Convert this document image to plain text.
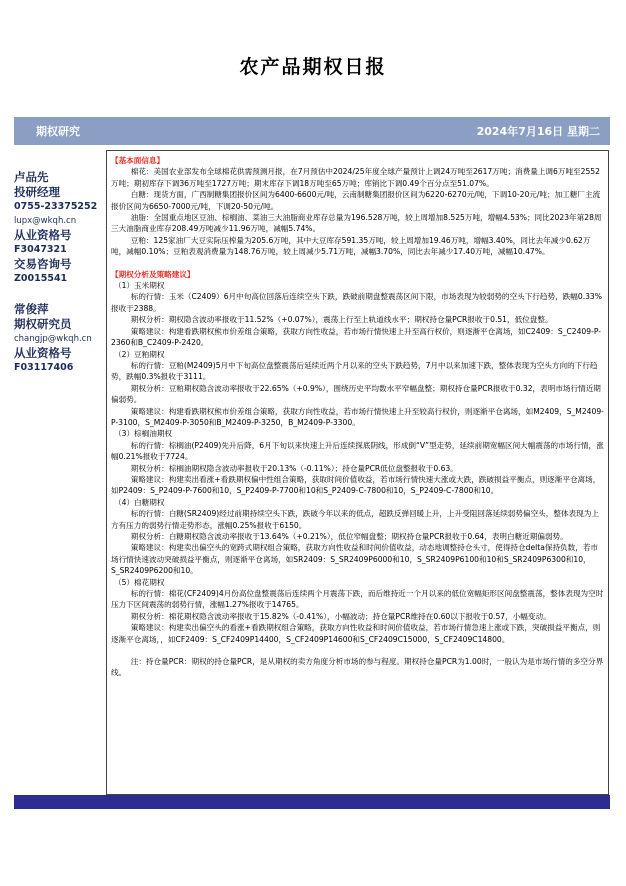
农产品期权日报
期权研究	2024年7月16日 星期二
卢品先
投研经理
0755-23375252
lupx@wkqh.cn
从业资格号
F3047321
交易咨询号
Z0015541
常俊萍
期权研究员
changjp@wkqh.cn
从业资格号
F03117406

【基本面信息】

棉花：美国农业部发布全球棉花供需预测月报，在7月预估中2024/25年度全球产量预计上调24万吨至2617万吨；消费量上调6万吨至2552万吨；期初库存下调36万吨至1727万吨；期末库存下调18万吨至65万吨；库销比下调0.49个百分点至51.07%。

白糖：现货方面，广西制糖集团报价区间为6400-6600元/吨，云南制糖集团报价区间为6220-6270元/吨，下调10-20元/吨；加工糖厂主流报价区间为6650-7000元/吨，下调20-50元/吨。

油脂：全国重点地区豆油、棕榈油、菜油三大油脂商业库存总量为196.528万吨，较上周增加8.525万吨，增幅4.53%；同比2023年第28周三大油脂商业库存208.49万吨减少11.96万吨，减幅5.74%。

豆粕：125家油厂大豆实际压榨量为205.6万吨，其中大豆库存591.35万吨，较上周增加19.46万吨，增幅3.40%，同比去年减少0.62万吨，减幅0.10%；豆粕表观消费量为148.76万吨，较上周减少5.71万吨，减幅3.70%，同比去年减少17.40万吨，减幅10.47%。

【期权分析及策略建议】

（1）玉米期权

标的行情：玉米（C2409）6月中旬高位回落后连续空头下跌，跌破前期盘整震荡区间下限，市场表现为较弱势的空头下行趋势，跌幅0.33%报收于2388。

期权分析：期权隐含波动率报收于11.52%（+0.07%），震荡上行至上轨道线水平；期权持仓量PCR报收于0.51，低位盘整。

策略建议：构建看跌期权熊市价差组合策略，获取方向性收益，若市场行情快速上升至高行权价，则逐渐平仓离场，如C2409：S_C2409-P-2360和B_C2409-P-2420。

（2）豆粕期权

标的行情：豆粕(M2409)5月中下旬高位盘整震荡后延续近两个月以来的空头下跌趋势，7月中以来加速下跌，整体表现为空头方向的下行趋势，跌幅0.3%报收于3111。

期权分析：豆粕期权隐含波动率报收于22.65%（+0.9%），围绕历史平均数水平窄幅盘整；期权持仓量PCR报收于0.32，表明市场行情近期偏弱势。

策略建议：构建看跌期权熊市价差组合策略，获取方向性收益，若市场行情快速上升至较高行权价，则逐渐平仓离场，如M2409，S_M2409-P-3100，S_M2409-P-3050和B_M2409-P-3250，B_M2409-P-3300。

（3）棕榈油期权

标的行情：棕榈油(P2409)先升后降，6月下旬以来快速上升后连续探底阴线，形成倒“V”型走势，延续前期宽幅区间大幅震荡的市场行情，涨幅0.21%报收于7724。

期权分析：棕榈油期权隐含波动率报收于20.13%（-0.11%）；持仓量PCR低位盘整报收于0.63。

策略建议：构建卖出看涨+看跌期权偏中性组合策略，获取时间价值收益，若市场行情快速大涨或大跌，跌破损益平衡点，则逐渐平仓离场，如P2409：S_P2409-P-7600和10，S_P2409-P-7700和10和S_P2409-C-7800和10，S_P2409-C-7800和10。

（4）白糖期权

标的行情：白糖(SR2409)经过前期持续空头下跌，跌破今年以来的低点，超跌反弹回暖上升，上升受阻回落延续弱势偏空头，整体表现为上方有压力的弱势行情走势形态，涨幅0.25%报收于6150。

期权分析：白糖期权隐含波动率报收于13.64%（+0.21%），低位窄幅盘整；期权持仓量PCR报收于0.64，表明白糖近期偏弱势。

策略建议：构建卖出偏空头的宽跨式期权组合策略，获取方向性收益和时间价值收益，动态地调整持仓头寸，使得持仓delta保持负数，若市场行情快速波动突破损益平衡点，则逐渐平仓离场，如SR2409：S_SR2409P6000和10，S_SR2409P6100和10和S_SR2409P6300和10，S_SR2409P6200和10。

（5）棉花期权

标的行情：棉花(CF2409)4月份高位盘整震荡后连续两个月震荡下跌，而后维持近一个月以来的低位宽幅矩形区间盘整震荡，整体表现为空时压力下区间震荡的弱势行情，涨幅1.27%报收于14765。

期权分析：棉花期权隐含波动率报收于15.82%（-0.41%），小幅波动；持仓量PCR维持在0.60以下报收于0.57，小幅变动。

策略建议：构建卖出偏空头的看涨+看跌期权组合策略，获取方向性收益和时间价值收益，若市场行情急速上涨或下跌，突破损益平衡点，则逐渐平仓离场，，如CF2409：S_CF2409P14400，S_CF2409P14600和S_CF2409C15000，S_CF2409C14800。

注：持仓量PCR：期权的持仓量PCR，是从期权的卖方角度分析市场的参与程度。期权持仓量PCR为1.00时，一般认为是市场行情的多空分界线。
